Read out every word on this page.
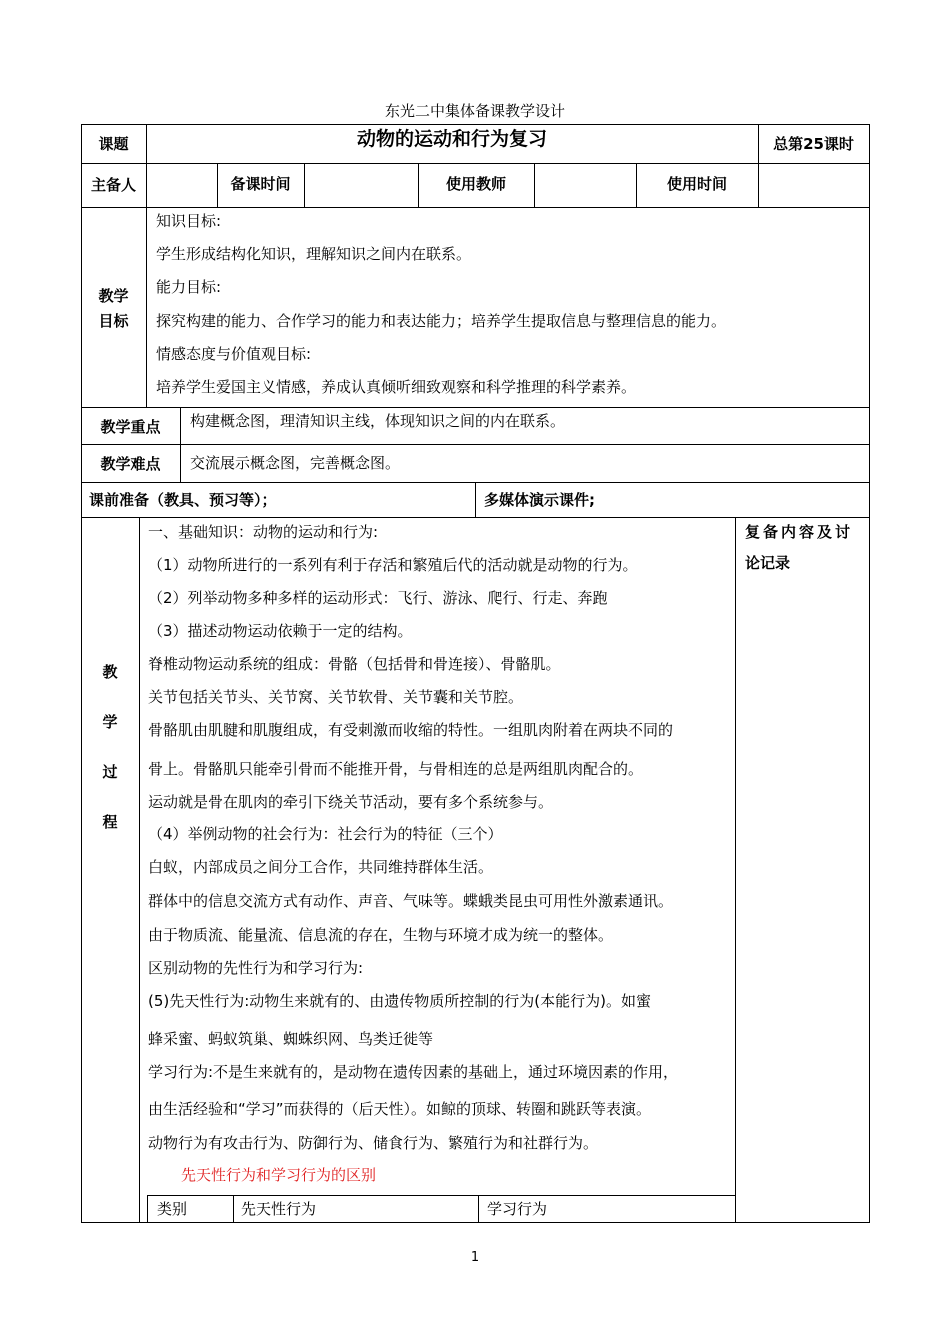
东光二中集体备课教学设计
课题	动物的运动和行为复习	总第25课时
主备人	备课时间	使用教师	使用时间
教学
目标
知识目标:
学生形成结构化知识，理解知识之间内在联系。
能力目标:
探究构建的能力、合作学习的能力和表达能力；培养学生提取信息与整理信息的能力。
情感态度与价值观目标:
培养学生爱国主义情感，养成认真倾听细致观察和科学推理的科学素养。
教学重点	构建概念图，理清知识主线，体现知识之间的内在联系。
教学难点	交流展示概念图，完善概念图。
课前准备（教具、预习等）；	多媒体演示课件;
教
学
过
程
复备内容及讨
论记录
一、基础知识：动物的运动和行为:
（1）动物所进行的一系列有利于存活和繁殖后代的活动就是动物的行为。
（2）列举动物多种多样的运动形式：飞行、游泳、爬行、行走、奔跑
（3）描述动物运动依赖于一定的结构。
脊椎动物运动系统的组成：骨骼（包括骨和骨连接）、骨骼肌。
关节包括关节头、关节窝、关节软骨、关节囊和关节腔。
骨骼肌由肌腱和肌腹组成，有受刺激而收缩的特性。一组肌肉附着在两块不同的
骨上。骨骼肌只能牵引骨而不能推开骨，与骨相连的总是两组肌肉配合的。
运动就是骨在肌肉的牵引下绕关节活动，要有多个系统参与。
（4）举例动物的社会行为：社会行为的特征（三个）
白蚁，内部成员之间分工合作，共同维持群体生活。
群体中的信息交流方式有动作、声音、气味等。蝶蛾类昆虫可用性外激素通讯。
由于物质流、能量流、信息流的存在，生物与环境才成为统一的整体。
区别动物的先性行为和学习行为:
(5)先天性行为:动物生来就有的、由遗传物质所控制的行为(本能行为)。如蜜
蜂采蜜、蚂蚁筑巢、蜘蛛织网、鸟类迁徙等
学习行为:不是生来就有的，是动物在遗传因素的基础上，通过环境因素的作用，
由生活经验和“学习”而获得的（后天性）。如鲸的顶球、转圈和跳跃等表演。
动物行为有攻击行为、防御行为、储食行为、繁殖行为和社群行为。
先天性行为和学习行为的区别
类别	先天性行为	学习行为
1
